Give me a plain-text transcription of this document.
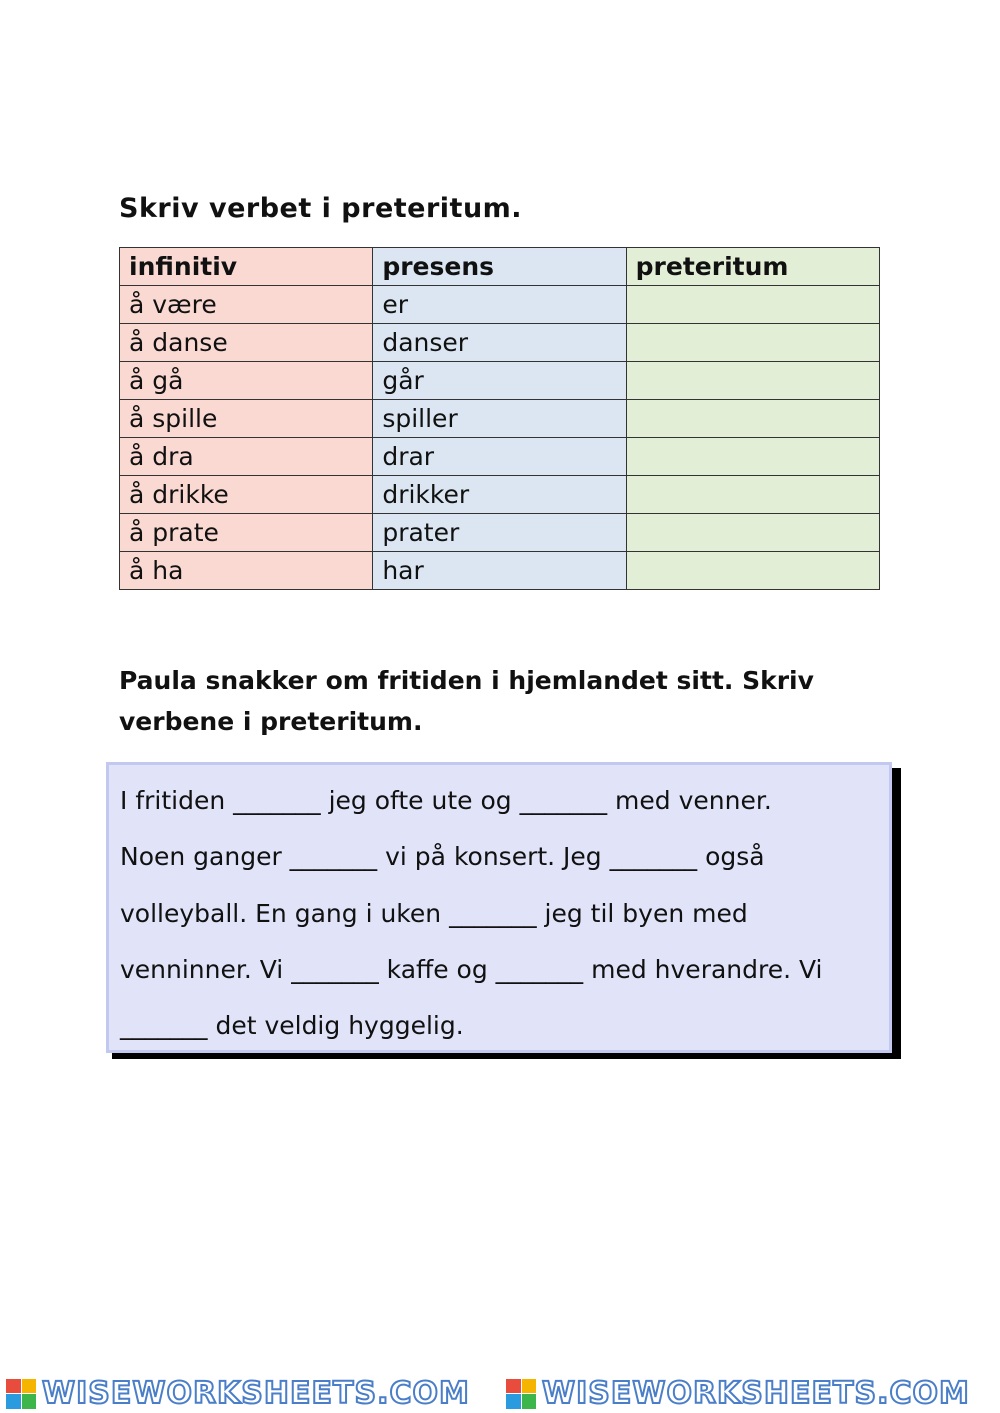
Skriv verbet i preteritum.
infinitiv	presens	preteritum
å være	er	
å danse	danser	
å gå	går	
å spille	spiller	
å dra	drar	
å drikke	drikker	
å prate	prater	
å ha	har	

Paula snakker om fritiden i hjemlandet sitt. Skriv verbene i preteritum.

I fritiden _______ jeg ofte ute og _______ med venner.

Noen ganger _______ vi på konsert. Jeg _______ også

volleyball. En gang i uken _______ jeg til byen med

venninner. Vi _______ kaffe og _______ med hverandre. Vi

_______ det veldig hyggelig.

WISEWORKSHEETS.COM WISEWORKSHEETS.COM
